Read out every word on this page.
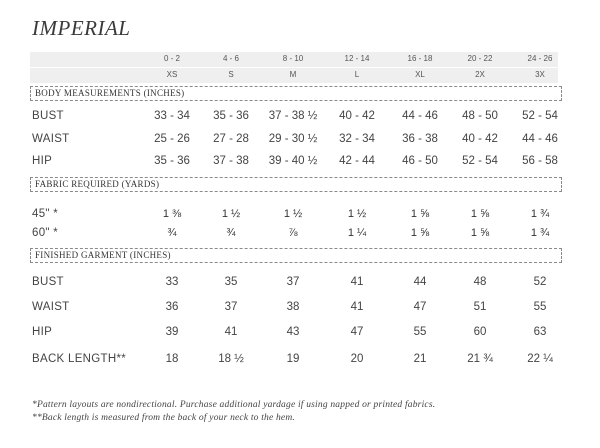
IMPERIAL
0 - 2	4 - 6	8 - 10	12 - 14	16 - 18	20 - 22	24 - 26
XS	S	M	L	XL	2X	3X
BUST	33 - 34	35 - 36	37 - 38 ½	40 - 42	44 - 46	48 - 50	52 - 54
WAIST	25 - 26	27 - 28	29 - 30 ½	32 - 34	36 - 38	40 - 42	44 - 46
HIP	35 - 36	37 - 38	39 - 40 ½	42 - 44	46 - 50	52 - 54	56 - 58
45" *	1 ⅜	1 ½	1 ½	1 ½	1 ⅝	1 ⅝	1 ¾
60" *	¾	¾	⅞	1 ¼	1 ⅝	1 ⅝	1 ¾
BUST	33	35	37	41	44	48	52
WAIST	36	37	38	41	47	51	55
HIP	39	41	43	47	55	60	63
BACK LENGTH**	18	18 ½	19	20	21	21 ¾	22 ¼
BODY MEASUREMENTS (INCHES)
FABRIC REQUIRED (YARDS)
FINISHED GARMENT (INCHES)
*Pattern layouts are nondirectional. Purchase additional yardage if using napped or printed fabrics.
**Back length is measured from the back of your neck to the hem.
